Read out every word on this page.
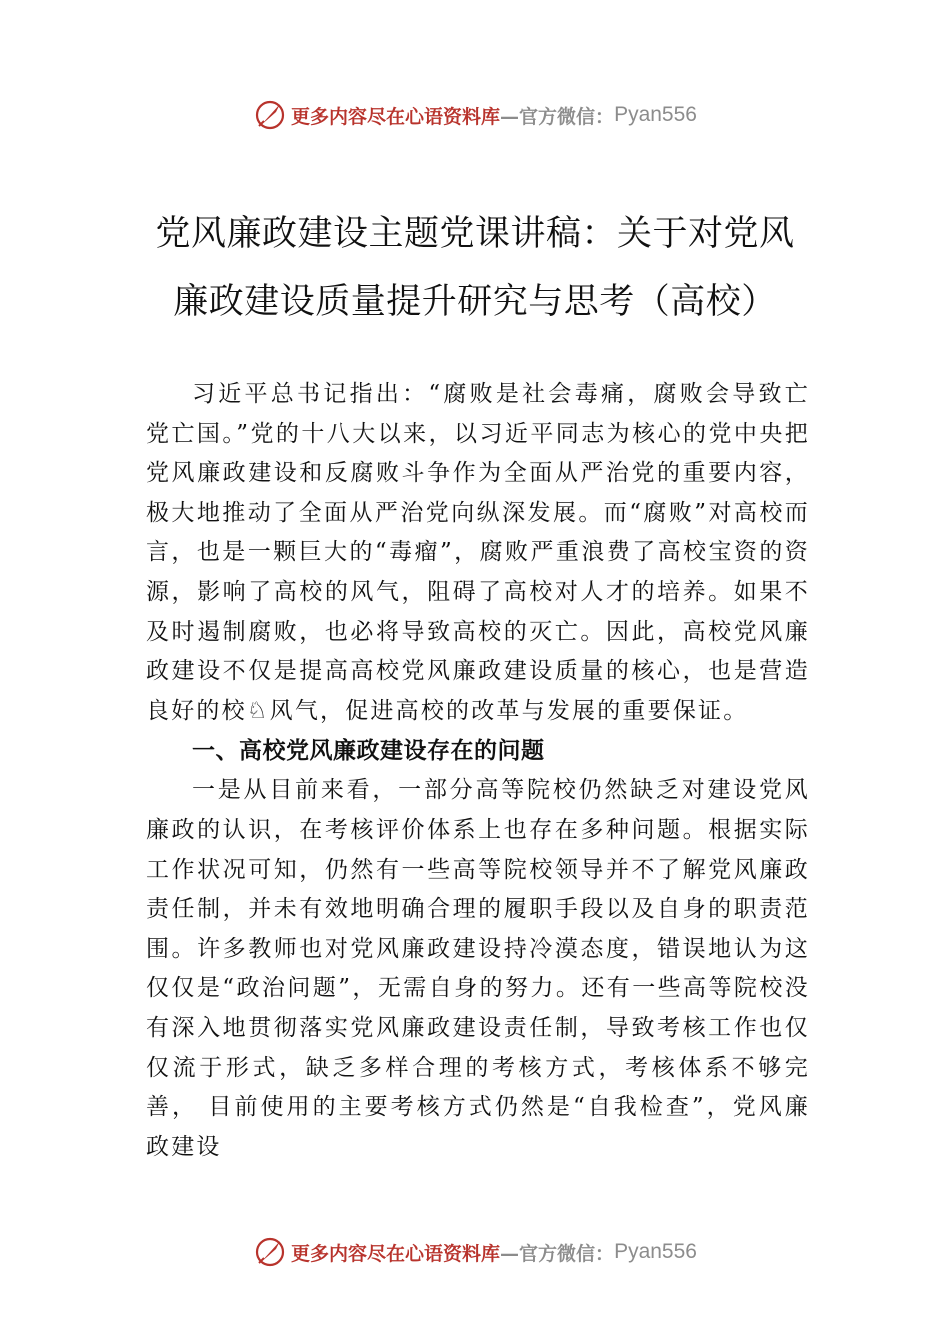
更多内容尽在心语资料库 —官方微信： Pyan556
党风廉政建设主题党课讲稿：关于对党风
廉政建设质量提升研究与思考（高校）

习近平总书记指出：“腐败是社会毒痛，腐败会导致亡党亡国。”党的十八大以来，以习近平同志为核心的党中央把党风廉政建设和反腐败斗争作为全面从严治党的重要内容，极大地推动了全面从严治党向纵深发展。而“腐败”对高校而言，也是一颗巨大的“毒瘤”，腐败严重浪费了高校宝资的资源，影响了高校的风气，阻碍了高校对人才的培养。如果不及时遏制腐败，也必将导致高校的灭亡。因此，高校党风廉政建设不仅是提高高校党风廉政建设质量的核心，也是营造良好的校♘风气，促进高校的改革与发展的重要保证。

一、高校党风廉政建设存在的问题

一是从目前来看，一部分高等院校仍然缺乏对建设党风廉政的认识，在考核评价体系上也存在多种问题。根据实际工作状况可知，仍然有一些高等院校领导并不了解党风廉政责任制，并未有效地明确合理的履职手段以及自身的职责范围。许多教师也对党风廉政建设持冷漠态度，错误地认为这仅仅是“政治问题”，无需自身的努力。还有一些高等院校没有深入地贯彻落实党风廉政建设责任制，导致考核工作也仅仅流于形式，缺乏多样合理的考核方式，考核体系不够完善， 目前使用的主要考核方式仍然是“自我检查”，党风廉政建设

更多内容尽在心语资料库 —官方微信： Pyan556
